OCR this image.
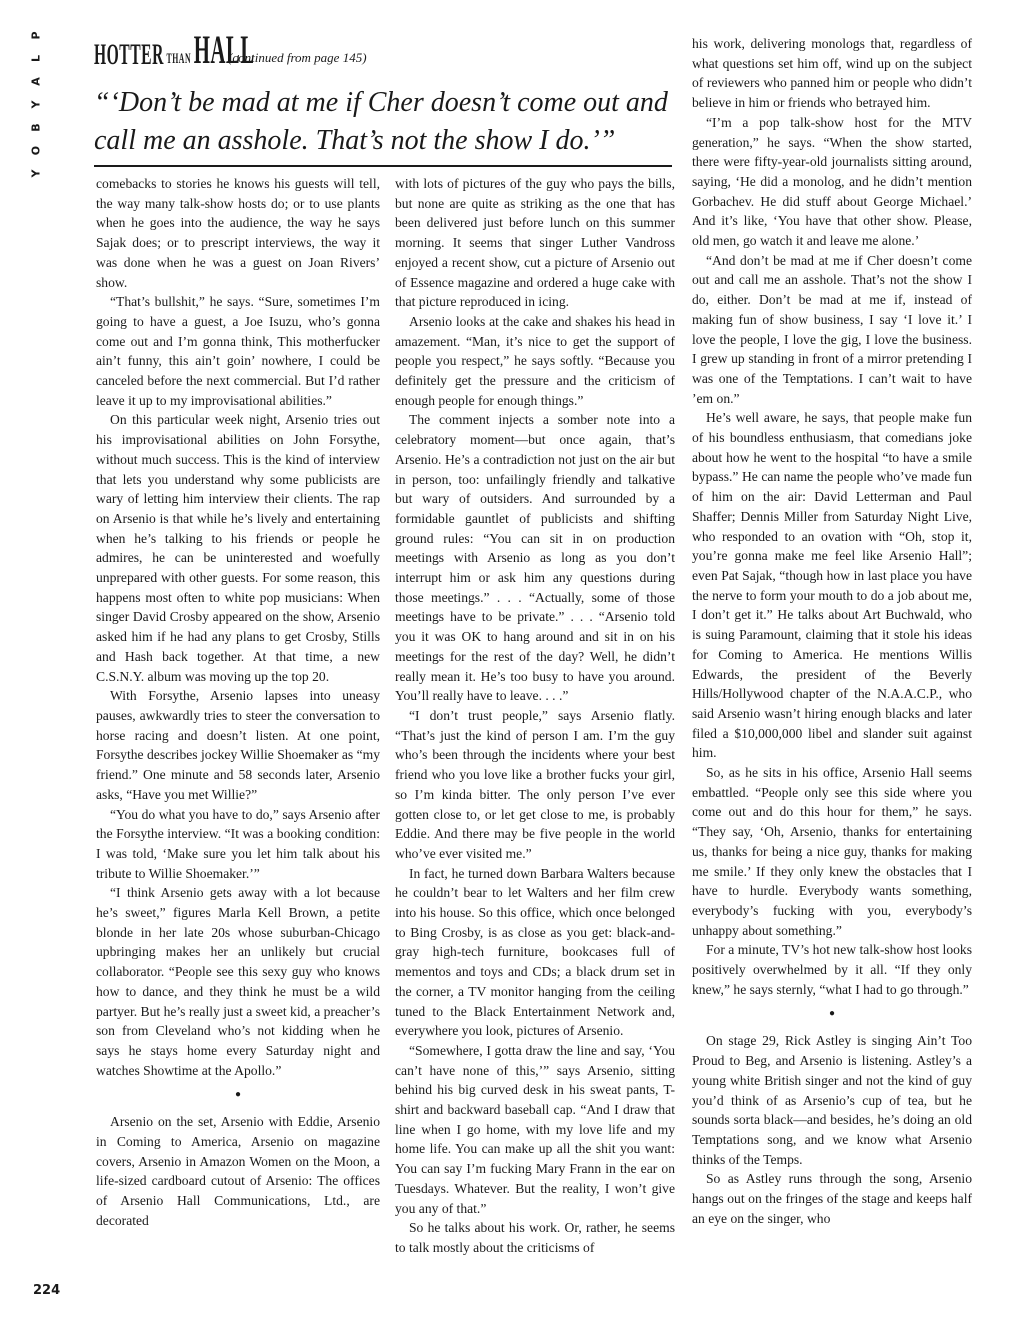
P
L
A
Y
B
O
Y
HOTTER THAN HALL
(continued from page 145)
“‘Don’t be mad at me if Cher doesn’t come out and call me an asshole. That’s not the show I do.’”

comebacks to stories he knows his guests will tell, the way many talk-show hosts do; or to use plants when he goes into the audience, the way he says Sajak does; or to prescript interviews, the way it was done when he was a guest on Joan Rivers’ show.

“That’s bullshit,” he says. “Sure, sometimes I’m going to have a guest, a Joe Isuzu, who’s gonna come out and I’m gonna think, This motherfucker ain’t funny, this ain’t goin’ nowhere, I could be canceled before the next commercial. But I’d rather leave it up to my improvisational abilities.”

On this particular week night, Arsenio tries out his improvisational abilities on John Forsythe, without much success. This is the kind of interview that lets you understand why some publicists are wary of letting him interview their clients. The rap on Arsenio is that while he’s lively and entertaining when he’s talking to his friends or people he admires, he can be uninterested and woefully unprepared with other guests. For some reason, this happens most often to white pop musicians: When singer David Crosby appeared on the show, Arsenio asked him if he had any plans to get Crosby, Stills and Hash back together. At that time, a new C.S.N.Y. album was moving up the top 20.

With Forsythe, Arsenio lapses into uneasy pauses, awkwardly tries to steer the conversation to horse racing and doesn’t listen. At one point, Forsythe describes jockey Willie Shoemaker as “my friend.” One minute and 58 seconds later, Arsenio asks, “Have you met Willie?”

“You do what you have to do,” says Arsenio after the Forsythe interview. “It was a booking condition: I was told, ‘Make sure you let him talk about his tribute to Willie Shoemaker.’”

“I think Arsenio gets away with a lot because he’s sweet,” figures Marla Kell Brown, a petite blonde in her late 20s whose suburban-Chicago upbringing makes her an unlikely but crucial collaborator. “People see this sexy guy who knows how to dance, and they think he must be a wild partyer. But he’s really just a sweet kid, a preacher’s son from Cleveland who’s not kidding when he says he stays home every Saturday night and watches Showtime at the Apollo.”

●

Arsenio on the set, Arsenio with Eddie, Arsenio in Coming to America, Arsenio on magazine covers, Arsenio in Amazon Women on the Moon, a life-sized cardboard cutout of Arsenio: The offices of Arsenio Hall Communications, Ltd., are decorated

with lots of pictures of the guy who pays the bills, but none are quite as striking as the one that has been delivered just before lunch on this summer morning. It seems that singer Luther Vandross enjoyed a recent show, cut a picture of Arsenio out of Essence magazine and ordered a huge cake with that picture reproduced in icing.

Arsenio looks at the cake and shakes his head in amazement. “Man, it’s nice to get the support of people you respect,” he says softly. “Because you definitely get the pressure and the criticism of enough people for enough things.”

The comment injects a somber note into a celebratory moment—but once again, that’s Arsenio. He’s a contradiction not just on the air but in person, too: unfailingly friendly and talkative but wary of outsiders. And surrounded by a formidable gauntlet of publicists and shifting ground rules: “You can sit in on production meetings with Arsenio as long as you don’t interrupt him or ask him any questions during those meetings.” . . . “Actually, some of those meetings have to be private.” . . . “Arsenio told you it was OK to hang around and sit in on his meetings for the rest of the day? Well, he didn’t really mean it. He’s too busy to have you around. You’ll really have to leave. . . .”

“I don’t trust people,” says Arsenio flatly. “That’s just the kind of person I am. I’m the guy who’s been through the incidents where your best friend who you love like a brother fucks your girl, so I’m kinda bitter. The only person I’ve ever gotten close to, or let get close to me, is probably Eddie. And there may be five people in the world who’ve ever visited me.”

In fact, he turned down Barbara Walters because he couldn’t bear to let Walters and her film crew into his house. So this office, which once belonged to Bing Crosby, is as close as you get: black-and-gray high-tech furniture, bookcases full of mementos and toys and CDs; a black drum set in the corner, a TV monitor hanging from the ceiling tuned to the Black Entertainment Network and, everywhere you look, pictures of Arsenio.

“Somewhere, I gotta draw the line and say, ‘You can’t have none of this,’” says Arsenio, sitting behind his big curved desk in his sweat pants, T-shirt and backward baseball cap. “And I draw that line when I go home, with my love life and my home life. You can make up all the shit you want: You can say I’m fucking Mary Frann in the ear on Tuesdays. Whatever. But the reality, I won’t give you any of that.”

So he talks about his work. Or, rather, he seems to talk mostly about the criticisms of

his work, delivering monologs that, regardless of what questions set him off, wind up on the subject of reviewers who panned him or people who didn’t believe in him or friends who betrayed him.

“I’m a pop talk-show host for the MTV generation,” he says. “When the show started, there were fifty-year-old journalists sitting around, saying, ‘He did a monolog, and he didn’t mention Gorbachev. He did stuff about George Michael.’ And it’s like, ‘You have that other show. Please, old men, go watch it and leave me alone.’

“And don’t be mad at me if Cher doesn’t come out and call me an asshole. That’s not the show I do, either. Don’t be mad at me if, instead of making fun of show business, I say ‘I love it.’ I love the people, I love the gig, I love the business. I grew up standing in front of a mirror pretending I was one of the Temptations. I can’t wait to have ’em on.”

He’s well aware, he says, that people make fun of his boundless enthusiasm, that comedians joke about how he went to the hospital “to have a smile bypass.” He can name the people who’ve made fun of him on the air: David Letterman and Paul Shaffer; Dennis Miller from Saturday Night Live, who responded to an ovation with “Oh, stop it, you’re gonna make me feel like Arsenio Hall”; even Pat Sajak, “though how in last place you have the nerve to form your mouth to do a job about me, I don’t get it.” He talks about Art Buchwald, who is suing Paramount, claiming that it stole his ideas for Coming to America. He mentions Willis Edwards, the president of the Beverly Hills/Hollywood chapter of the N.A.A.C.P., who said Arsenio wasn’t hiring enough blacks and later filed a $10,000,000 libel and slander suit against him.

So, as he sits in his office, Arsenio Hall seems embattled. “People only see this side where you come out and do this hour for them,” he says. “They say, ‘Oh, Arsenio, thanks for entertaining us, thanks for being a nice guy, thanks for making me smile.’ If they only knew the obstacles that I have to hurdle. Everybody wants something, everybody’s fucking with you, everybody’s unhappy about something.”

For a minute, TV’s hot new talk-show host looks positively overwhelmed by it all. “If they only knew,” he says sternly, “what I had to go through.”

●

On stage 29, Rick Astley is singing Ain’t Too Proud to Beg, and Arsenio is listening. Astley’s a young white British singer and not the kind of guy you’d think of as Arsenio’s cup of tea, but he sounds sorta black—and besides, he’s doing an old Temptations song, and we know what Arsenio thinks of the Temps.

So as Astley runs through the song, Arsenio hangs out on the fringes of the stage and keeps half an eye on the singer, who

224
